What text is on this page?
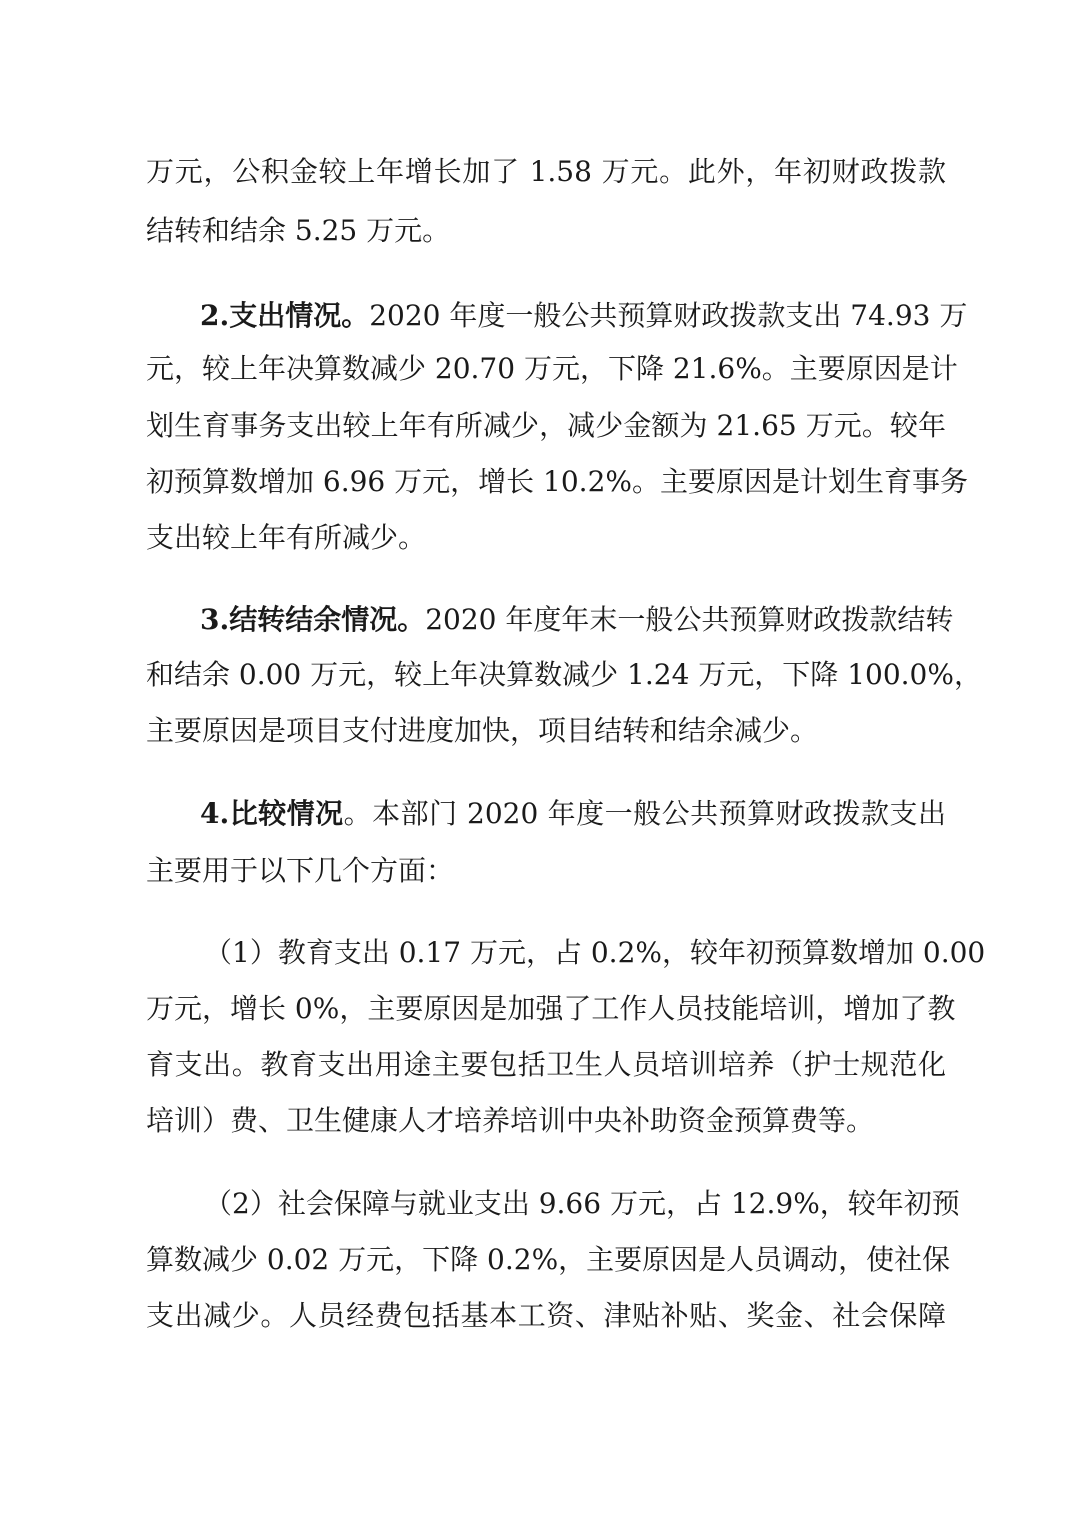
万元，公积金较上年增长加了 1.58 万元。此外，年初财政拨款
结转和结余 5.25 万元。
2.支出情况。2020 年度一般公共预算财政拨款支出 74.93 万
元，较上年决算数减少 20.70 万元，下降 21.6%。主要原因是计
划生育事务支出较上年有所减少，减少金额为 21.65 万元。较年
初预算数增加 6.96 万元，增长 10.2%。主要原因是计划生育事务
支出较上年有所减少。
3.结转结余情况。2020 年度年末一般公共预算财政拨款结转
和结余 0.00 万元，较上年决算数减少 1.24 万元，下降 100.0%，
主要原因是项目支付进度加快，项目结转和结余减少。
4.比较情况。本部门 2020 年度一般公共预算财政拨款支出
主要用于以下几个方面：
（1）教育支出 0.17 万元，占 0.2%，较年初预算数增加 0.00
万元，增长 0%，主要原因是加强了工作人员技能培训，增加了教
育支出。教育支出用途主要包括卫生人员培训培养（护士规范化
培训）费、卫生健康人才培养培训中央补助资金预算费等。
（2）社会保障与就业支出 9.66 万元，占 12.9%，较年初预
算数减少 0.02 万元，下降 0.2%，主要原因是人员调动，使社保
支出减少。人员经费包括基本工资、津贴补贴、奖金、社会保障
